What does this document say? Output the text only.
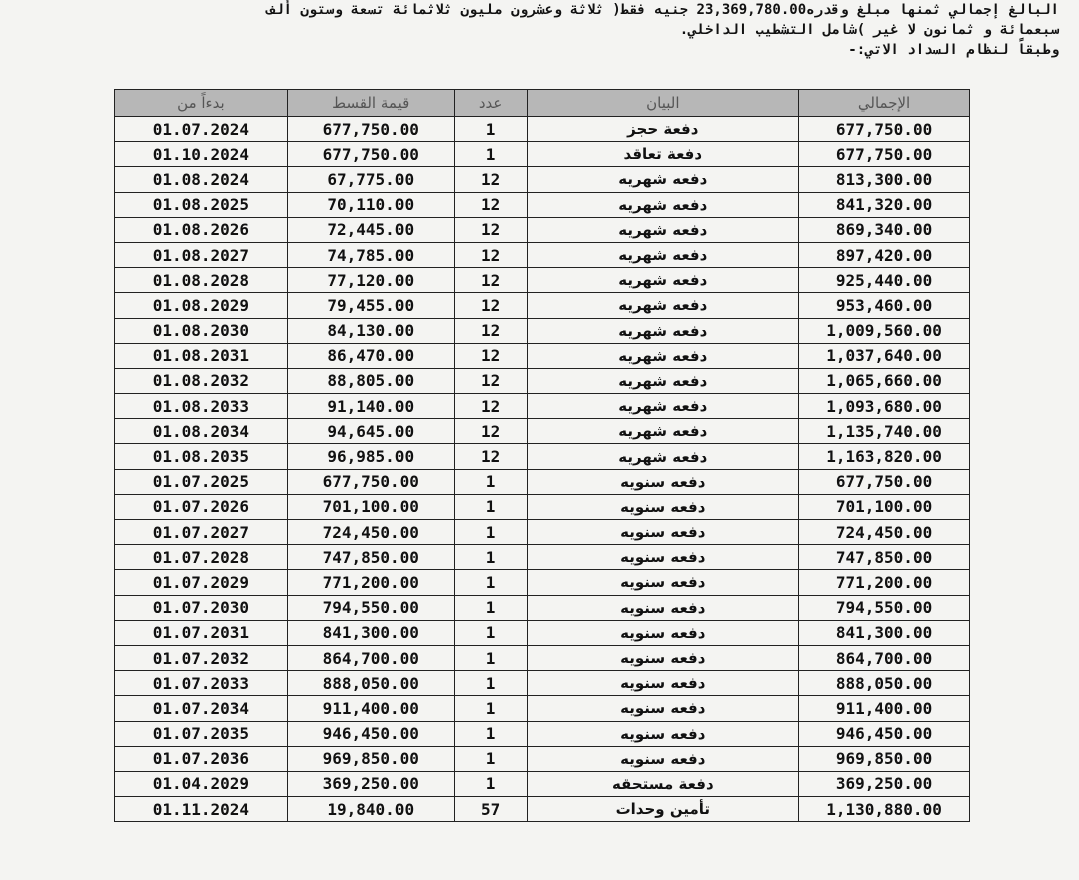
البالغ إجمالي ثمنها مبلغ وقدره23,369,780.00 جنيه فقط( ثلاثة وعشرون مليون ثلاثمائة تسعة وستون ألف
سبعمائة و ثمانون لا غير )شامل التشطيب الداخلي.
وطبقاً لنظام السداد الاتي:-
بدءاً من	قيمة القسط	عدد	البيان	الإجمالي
01.07.2024	677,750.00	1	دفعة حجز	677,750.00
01.10.2024	677,750.00	1	دفعة تعاقد	677,750.00
01.08.2024	67,775.00	12	دفعه شهريه	813,300.00
01.08.2025	70,110.00	12	دفعه شهريه	841,320.00
01.08.2026	72,445.00	12	دفعه شهريه	869,340.00
01.08.2027	74,785.00	12	دفعه شهريه	897,420.00
01.08.2028	77,120.00	12	دفعه شهريه	925,440.00
01.08.2029	79,455.00	12	دفعه شهريه	953,460.00
01.08.2030	84,130.00	12	دفعه شهريه	1,009,560.00
01.08.2031	86,470.00	12	دفعه شهريه	1,037,640.00
01.08.2032	88,805.00	12	دفعه شهريه	1,065,660.00
01.08.2033	91,140.00	12	دفعه شهريه	1,093,680.00
01.08.2034	94,645.00	12	دفعه شهريه	1,135,740.00
01.08.2035	96,985.00	12	دفعه شهريه	1,163,820.00
01.07.2025	677,750.00	1	دفعه سنويه	677,750.00
01.07.2026	701,100.00	1	دفعه سنويه	701,100.00
01.07.2027	724,450.00	1	دفعه سنويه	724,450.00
01.07.2028	747,850.00	1	دفعه سنويه	747,850.00
01.07.2029	771,200.00	1	دفعه سنويه	771,200.00
01.07.2030	794,550.00	1	دفعه سنويه	794,550.00
01.07.2031	841,300.00	1	دفعه سنويه	841,300.00
01.07.2032	864,700.00	1	دفعه سنويه	864,700.00
01.07.2033	888,050.00	1	دفعه سنويه	888,050.00
01.07.2034	911,400.00	1	دفعه سنويه	911,400.00
01.07.2035	946,450.00	1	دفعه سنويه	946,450.00
01.07.2036	969,850.00	1	دفعه سنويه	969,850.00
01.04.2029	369,250.00	1	دفعة مستحقه	369,250.00
01.11.2024	19,840.00	57	تأمين وحدات	1,130,880.00
